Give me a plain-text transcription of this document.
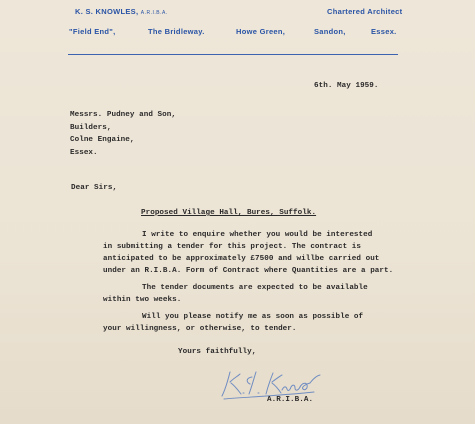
K. S. KNOWLES, A.R.I.B.A.	Chartered Architect
"Field End",	The Bridleway.	Howe Green,	Sandon,	Essex.
6th. May 1959.
Messrs. Pudney and Son,
Builders,
Colne Engaine,
Essex.
Dear Sirs,
Proposed Village Hall, Bures, Suffolk.
I write to enquire whether you would be interested
in submitting a tender for this project. The contract is
anticipated to be approximately £7500 and willbe carried out
under an R.I.B.A. Form of Contract where Quantities are a part.
The tender documents are expected to be available
within two weeks.
Will you please notify me as soon as possible of
your willingness, or otherwise, to tender.
Yours faithfully,
A.R.I.B.A.
